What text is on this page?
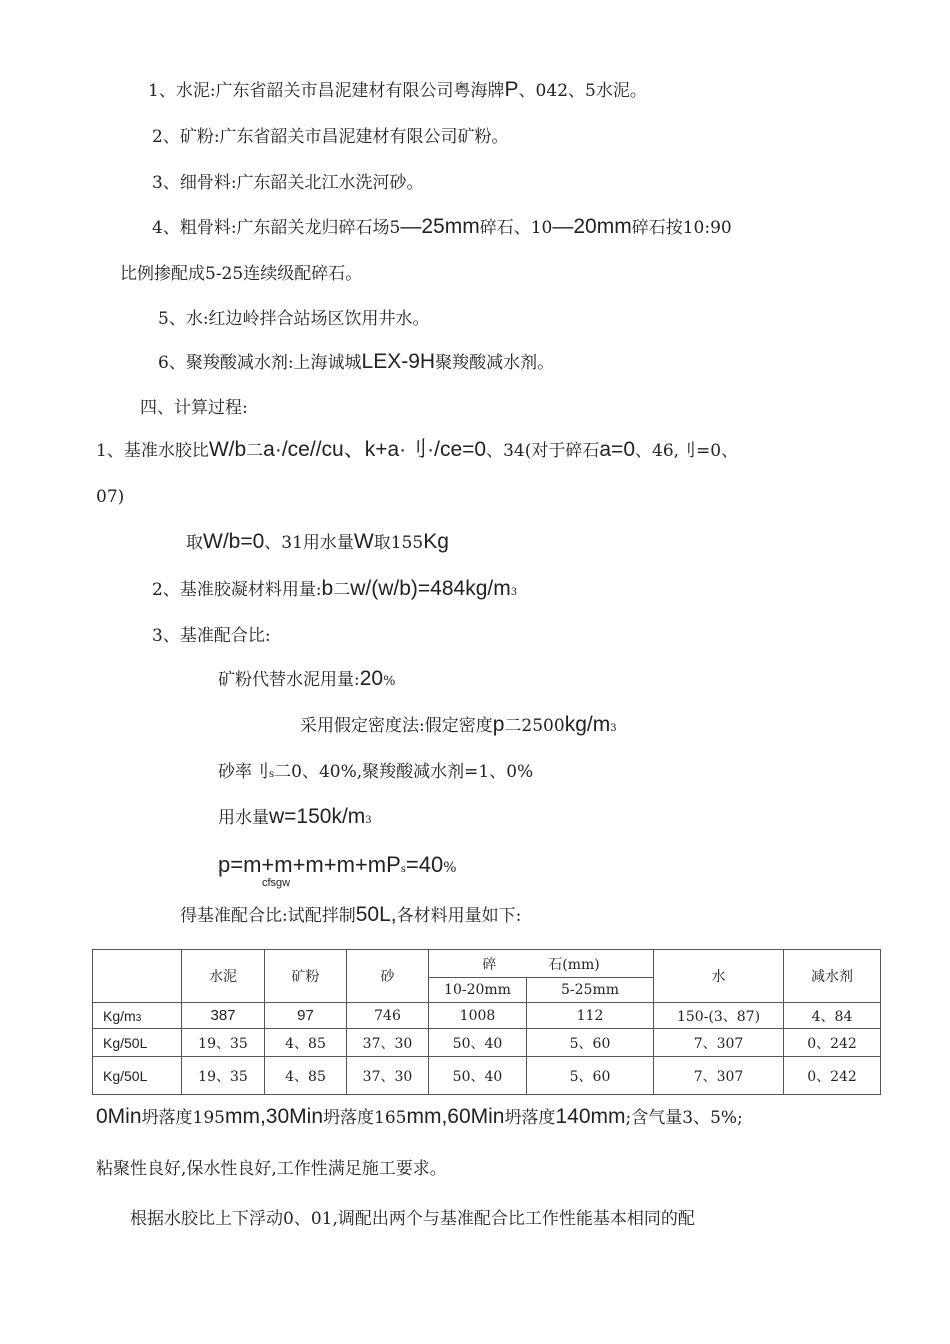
1、水泥:广东省韶关市昌泥建材有限公司粤海牌P、042、5水泥。
2、矿粉:广东省韶关市昌泥建材有限公司矿粉。
3、细骨料:广东韶关北江水洗河砂。
4、粗骨料:广东韶关龙归碎石场5—25mm碎石、10—20mm碎石按10:90
比例掺配成5-25连续级配碎石。
5、水:红边岭拌合站场区饮用井水。
6、聚羧酸减水剂:上海诚城LEX-9H聚羧酸减水剂。
四、计算过程:
1、基准水胶比W/b二a·/ce//cu、k+a·刂·/ce=0、34(对于碎石a=0、46,刂=0、
07)
取W/b=0、31用水量W取155Kg
2、基准胶凝材料用量:b二w/(w/b)=484kg/m3
3、基准配合比:
矿粉代替水泥用量:20%
采用假定密度法:假定密度p二2500kg/m3
砂率刂s二0、40%,聚羧酸减水剂=1、0%
用水量w=150k/m3
p=m+m+m+m+mPs=40%
cfsgw
得基准配合比:试配拌制50L,各材料用量如下:
	水泥	矿粉	砂	碎 石(mm)		水	减水剂
				10-20mm	5-25mm		
Kg/m3	387	97	746	1008	112	150-(3、87)	4、84
Kg/50L	19、35	4、85	37、30	50、40	5、60	7、307	0、242
Kg/50L	19、35	4、85	37、30	50、40	5、60	7、307	0、242
0Min坍落度195mm,30Min坍落度165mm,60Min坍落度140mm;含气量3、5%;
粘聚性良好,保水性良好,工作性满足施工要求。
根据水胶比上下浮动0、01,调配出两个与基准配合比工作性能基本相同的配
